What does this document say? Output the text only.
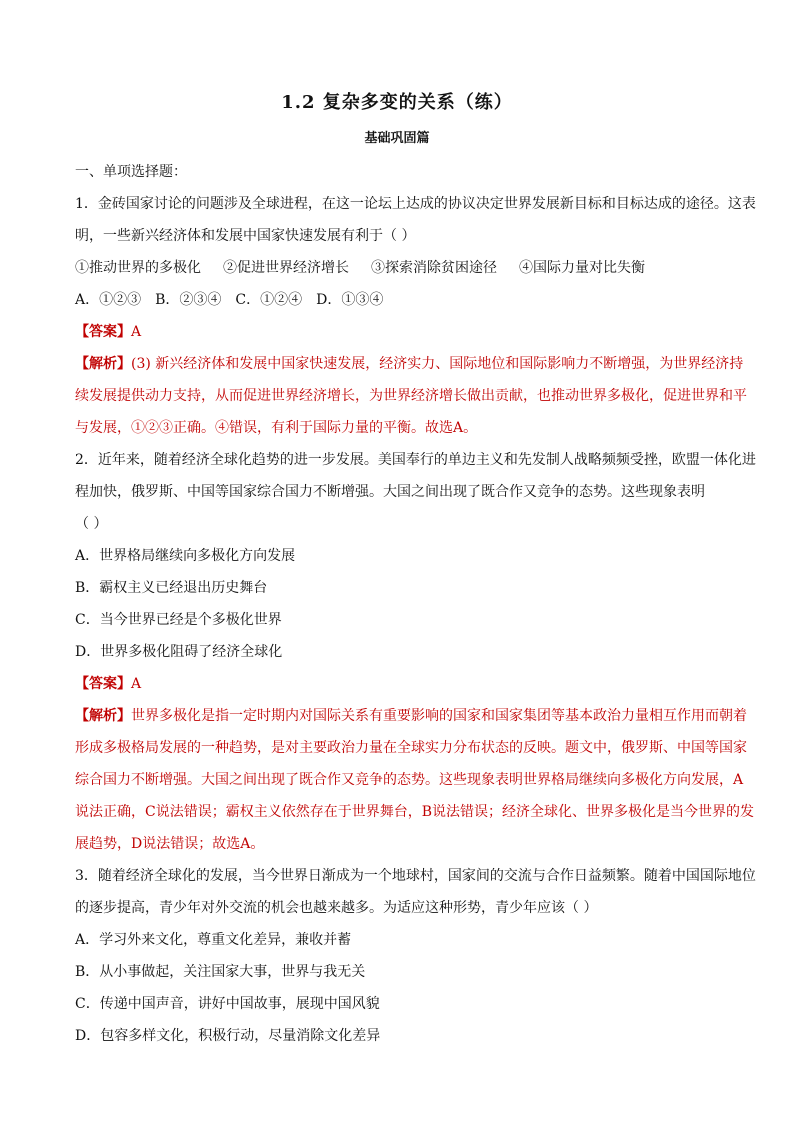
1.2 复杂多变的关系（练）
基础巩固篇
一、单项选择题：
1．金砖国家讨论的问题涉及全球进程，在这一论坛上达成的协议决定世界发展新目标和目标达成的途径。这表
明，一些新兴经济体和发展中国家快速发展有利于（ ）
①推动世界的多极化 ②促进世界经济增长 ③探索消除贫困途径 ④国际力量对比失衡
A．①②③ B．②③④ C．①②④ D．①③④
【答案】A
【解析】(3) 新兴经济体和发展中国家快速发展，经济实力、国际地位和国际影响力不断增强，为世界经济持
续发展提供动力支持，从而促进世界经济增长，为世界经济增长做出贡献，也推动世界多极化，促进世界和平
与发展，①②③正确。④错误，有利于国际力量的平衡。故选A。
2．近年来，随着经济全球化趋势的进一步发展。美国奉行的单边主义和先发制人战略频频受挫，欧盟一体化进
程加快，俄罗斯、中国等国家综合国力不断增强。大国之间出现了既合作又竞争的态势。这些现象表明
（ ）
A．世界格局继续向多极化方向发展
B．霸权主义已经退出历史舞台
C．当今世界已经是个多极化世界
D．世界多极化阻碍了经济全球化
【答案】A
【解析】世界多极化是指一定时期内对国际关系有重要影响的国家和国家集团等基本政治力量相互作用而朝着
形成多极格局发展的一种趋势，是对主要政治力量在全球实力分布状态的反映。题文中，俄罗斯、中国等国家
综合国力不断增强。大国之间出现了既合作又竞争的态势。这些现象表明世界格局继续向多极化方向发展，A
说法正确，C说法错误；霸权主义依然存在于世界舞台，B说法错误；经济全球化、世界多极化是当今世界的发
展趋势，D说法错误；故选A。
3．随着经济全球化的发展，当今世界日渐成为一个地球村，国家间的交流与合作日益频繁。随着中国国际地位
的逐步提高，青少年对外交流的机会也越来越多。为适应这种形势，青少年应该（ ）
A．学习外来文化，尊重文化差异，兼收并蓄
B．从小事做起，关注国家大事，世界与我无关
C．传递中国声音，讲好中国故事，展现中国风貌
D．包容多样文化，积极行动，尽量消除文化差异
